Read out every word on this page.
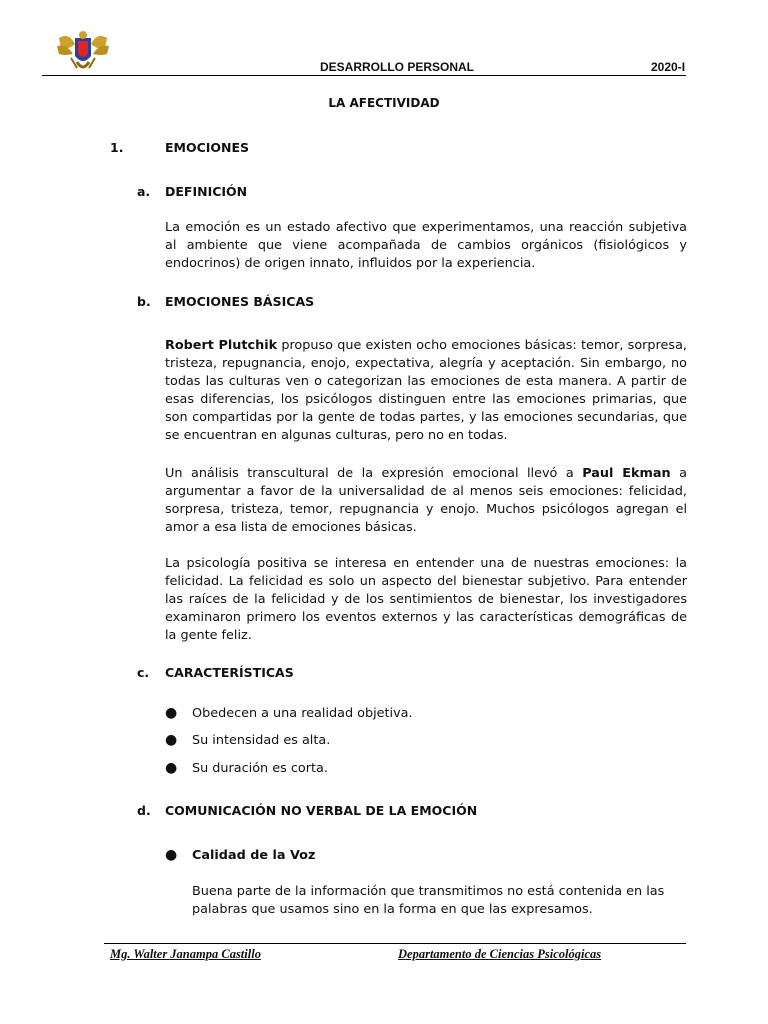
DESARROLLO PERSONAL	2020-I
LA AFECTIVIDAD
1.	EMOCIONES
a. DEFINICIÓN

La emoción es un estado afectivo que experimentamos, una reacción subjetiva al ambiente que viene acompañada de cambios orgánicos (fisiológicos y endocrinos) de origen innato, influidos por la experiencia.

b. EMOCIONES BÁSICAS

Robert Plutchik propuso que existen ocho emociones básicas: temor, sorpresa, tristeza, repugnancia, enojo, expectativa, alegría y aceptación. Sin embargo, no todas las culturas ven o categorizan las emociones de esta manera. A partir de esas diferencias, los psicólogos distinguen entre las emociones primarias, que son compartidas por la gente de todas partes, y las emociones secundarias, que se encuentran en algunas culturas, pero no en todas.

Un análisis transcultural de la expresión emocional llevó a Paul Ekman a argumentar a favor de la universalidad de al menos seis emociones: felicidad, sorpresa, tristeza, temor, repugnancia y enojo. Muchos psicólogos agregan el amor a esa lista de emociones básicas.

La psicología positiva se interesa en entender una de nuestras emociones: la felicidad. La felicidad es solo un aspecto del bienestar subjetivo. Para entender las raíces de la felicidad y de los sentimientos de bienestar, los investigadores examinaron primero los eventos externos y las características demográficas de la gente feliz.

c. CARACTERÍSTICAS
● Obedecen a una realidad objetiva.
● Su intensidad es alta.
● Su duración es corta.
d. COMUNICACIÓN NO VERBAL DE LA EMOCIÓN
● Calidad de la Voz

Buena parte de la información que transmitimos no está contenida en las palabras que usamos sino en la forma en que las expresamos.

Mg. Walter Janampa Castillo	Departamento de Ciencias Psicológicas
